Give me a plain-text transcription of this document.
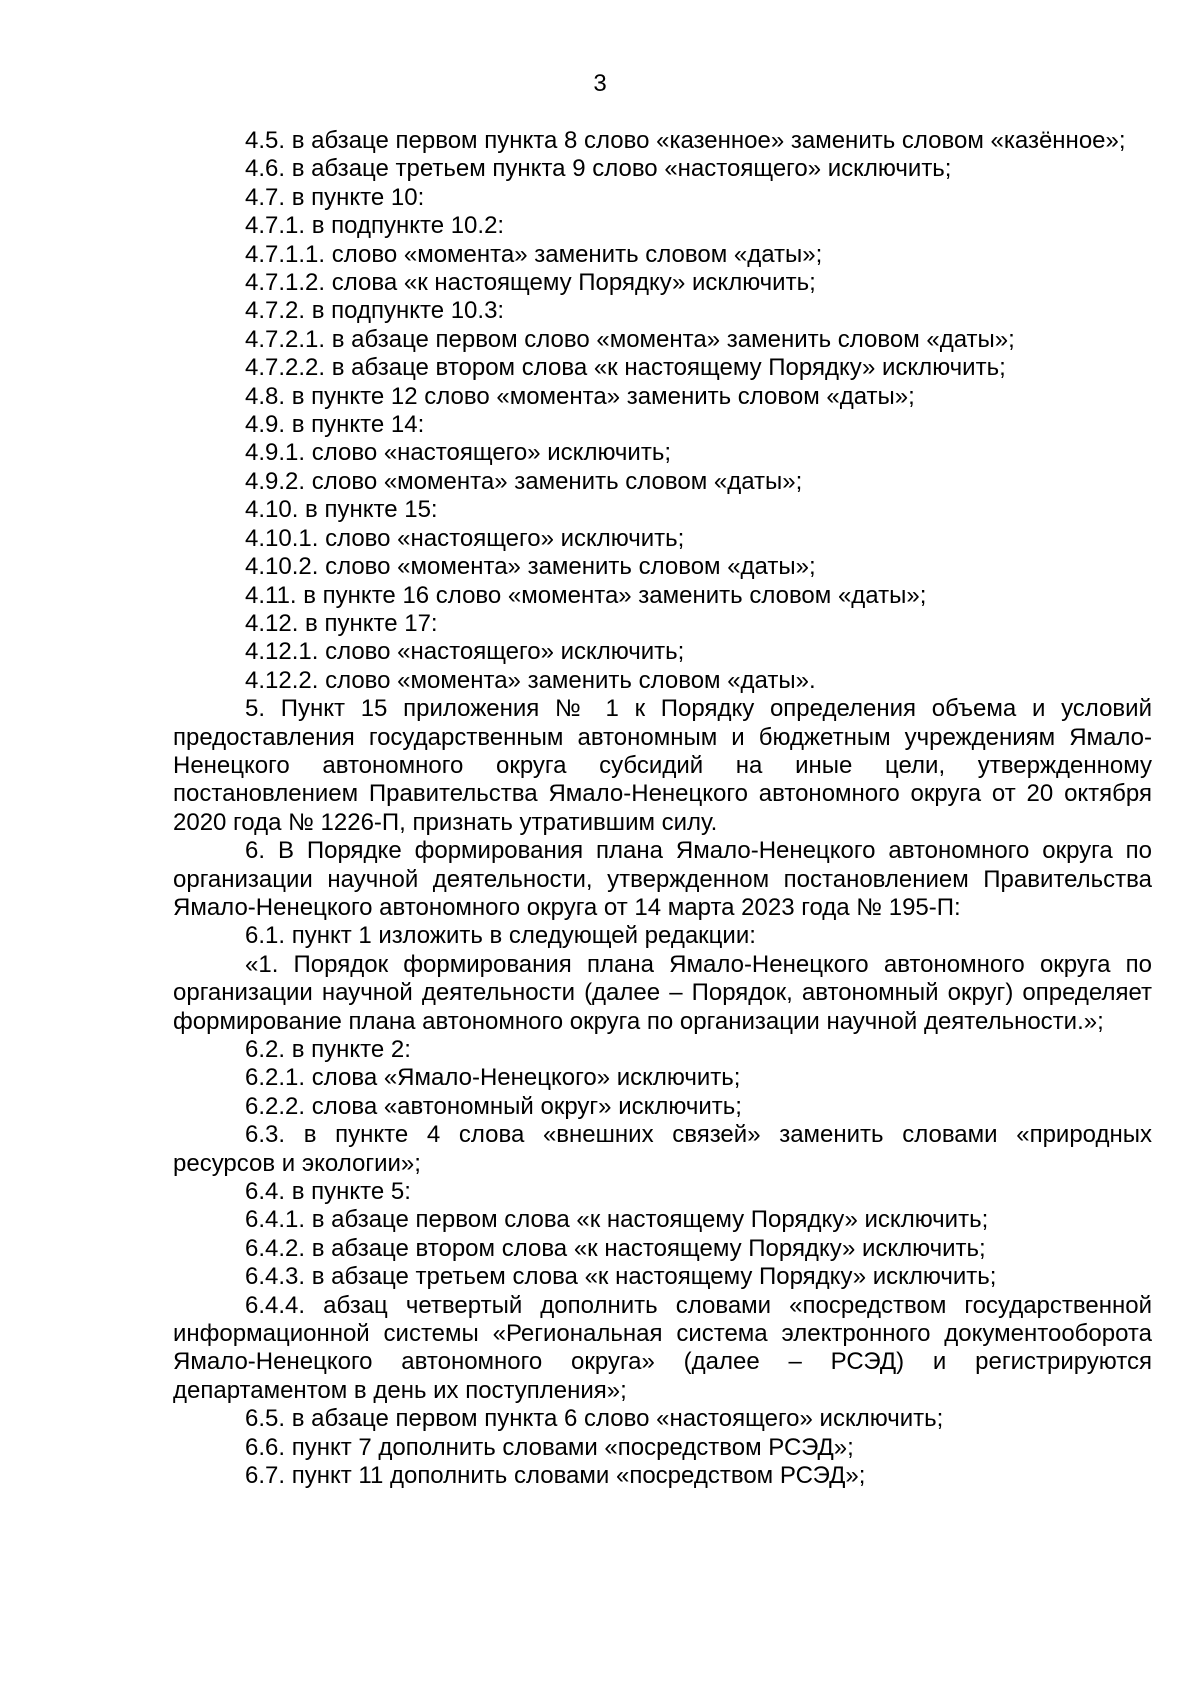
3

4.5. в абзаце первом пункта 8 слово «казенное» заменить словом «казённое»;

4.6. в абзаце третьем пункта 9 слово «настоящего» исключить;

4.7. в пункте 10:

4.7.1. в подпункте 10.2:

4.7.1.1. слово «момента» заменить словом «даты»;

4.7.1.2. слова «к настоящему Порядку» исключить;

4.7.2. в подпункте 10.3:

4.7.2.1. в абзаце первом слово «момента» заменить словом «даты»;

4.7.2.2. в абзаце втором слова «к настоящему Порядку» исключить;

4.8. в пункте 12 слово «момента» заменить словом «даты»;

4.9. в пункте 14:

4.9.1. слово «настоящего» исключить;

4.9.2. слово «момента» заменить словом «даты»;

4.10. в пункте 15:

4.10.1. слово «настоящего» исключить;

4.10.2. слово «момента» заменить словом «даты»;

4.11. в пункте 16 слово «момента» заменить словом «даты»;

4.12. в пункте 17:

4.12.1. слово «настоящего» исключить;

4.12.2. слово «момента» заменить словом «даты».

5. Пункт 15 приложения № 1 к Порядку определения объема и условий предоставления государственным автономным и бюджетным учреждениям Ямало-Ненецкого автономного округа субсидий на иные цели, утвержденному постановлением Правительства Ямало-Ненецкого автономного округа от 20 октября 2020 года № 1226-П, признать утратившим силу.

6. В Порядке формирования плана Ямало-Ненецкого автономного округа по организации научной деятельности, утвержденном постановлением Правительства Ямало-Ненецкого автономного округа от 14 марта 2023 года № 195-П:

6.1. пункт 1 изложить в следующей редакции:

«1. Порядок формирования плана Ямало-Ненецкого автономного округа по организации научной деятельности (далее – Порядок, автономный округ) определяет формирование плана автономного округа по организации научной деятельности.»;

6.2. в пункте 2:

6.2.1. слова «Ямало-Ненецкого» исключить;

6.2.2. слова «автономный округ» исключить;

6.3. в пункте 4 слова «внешних связей» заменить словами «природных ресурсов и экологии»;

6.4. в пункте 5:

6.4.1. в абзаце первом слова «к настоящему Порядку» исключить;

6.4.2. в абзаце втором слова «к настоящему Порядку» исключить;

6.4.3. в абзаце третьем слова «к настоящему Порядку» исключить;

6.4.4. абзац четвертый дополнить словами «посредством государственной информационной системы «Региональная система электронного документооборота Ямало-Ненецкого автономного округа» (далее – РСЭД) и регистрируются департаментом в день их поступления»;

6.5. в абзаце первом пункта 6 слово «настоящего» исключить;

6.6. пункт 7 дополнить словами «посредством РСЭД»;

6.7. пункт 11 дополнить словами «посредством РСЭД»;
